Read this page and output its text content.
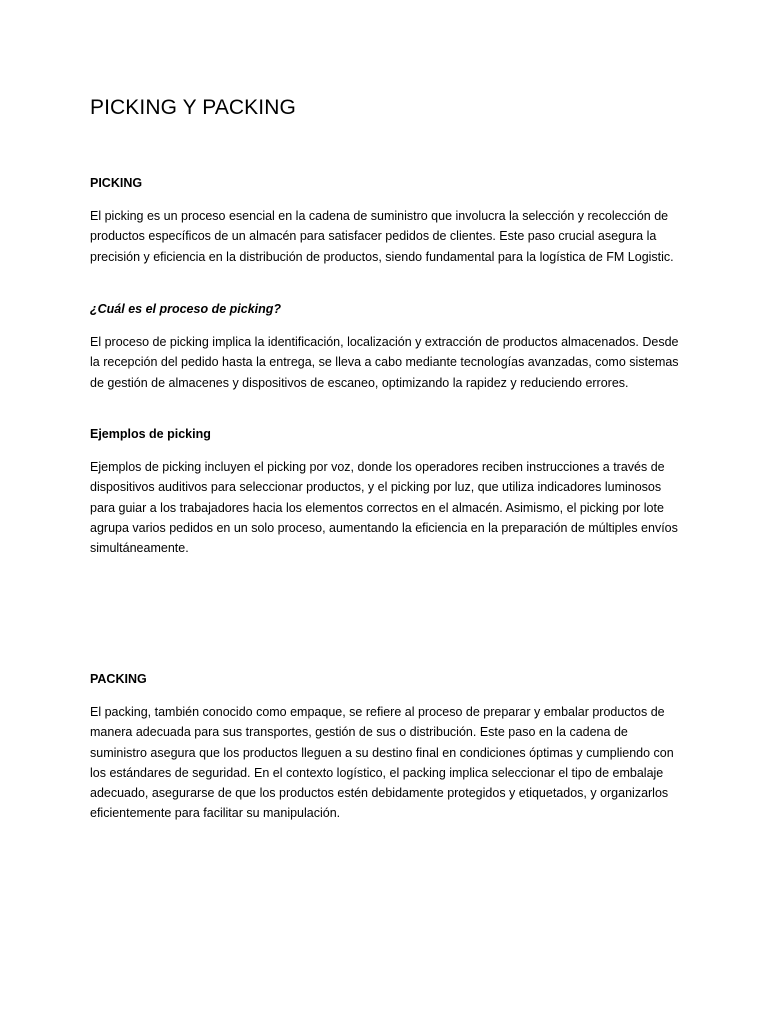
PICKING Y PACKING

PICKING

El picking es un proceso esencial en la cadena de suministro que involucra la selección y recolección de productos específicos de un almacén para satisfacer pedidos de clientes. Este paso crucial asegura la precisión y eficiencia en la distribución de productos, siendo fundamental para la logística de FM Logistic.

¿Cuál es el proceso de picking?

El proceso de picking implica la identificación, localización y extracción de productos almacenados. Desde la recepción del pedido hasta la entrega, se lleva a cabo mediante tecnologías avanzadas, como sistemas de gestión de almacenes y dispositivos de escaneo, optimizando la rapidez y reduciendo errores.

Ejemplos de picking

Ejemplos de picking incluyen el picking por voz, donde los operadores reciben instrucciones a través de dispositivos auditivos para seleccionar productos, y el picking por luz, que utiliza indicadores luminosos para guiar a los trabajadores hacia los elementos correctos en el almacén. Asimismo, el picking por lote agrupa varios pedidos en un solo proceso, aumentando la eficiencia en la preparación de múltiples envíos simultáneamente.

PACKING

El packing, también conocido como empaque, se refiere al proceso de preparar y embalar productos de manera adecuada para sus transportes, gestión de sus o distribución. Este paso en la cadena de suministro asegura que los productos lleguen a su destino final en condiciones óptimas y cumpliendo con los estándares de seguridad. En el contexto logístico, el packing implica seleccionar el tipo de embalaje adecuado, asegurarse de que los productos estén debidamente protegidos y etiquetados, y organizarlos eficientemente para facilitar su manipulación.
